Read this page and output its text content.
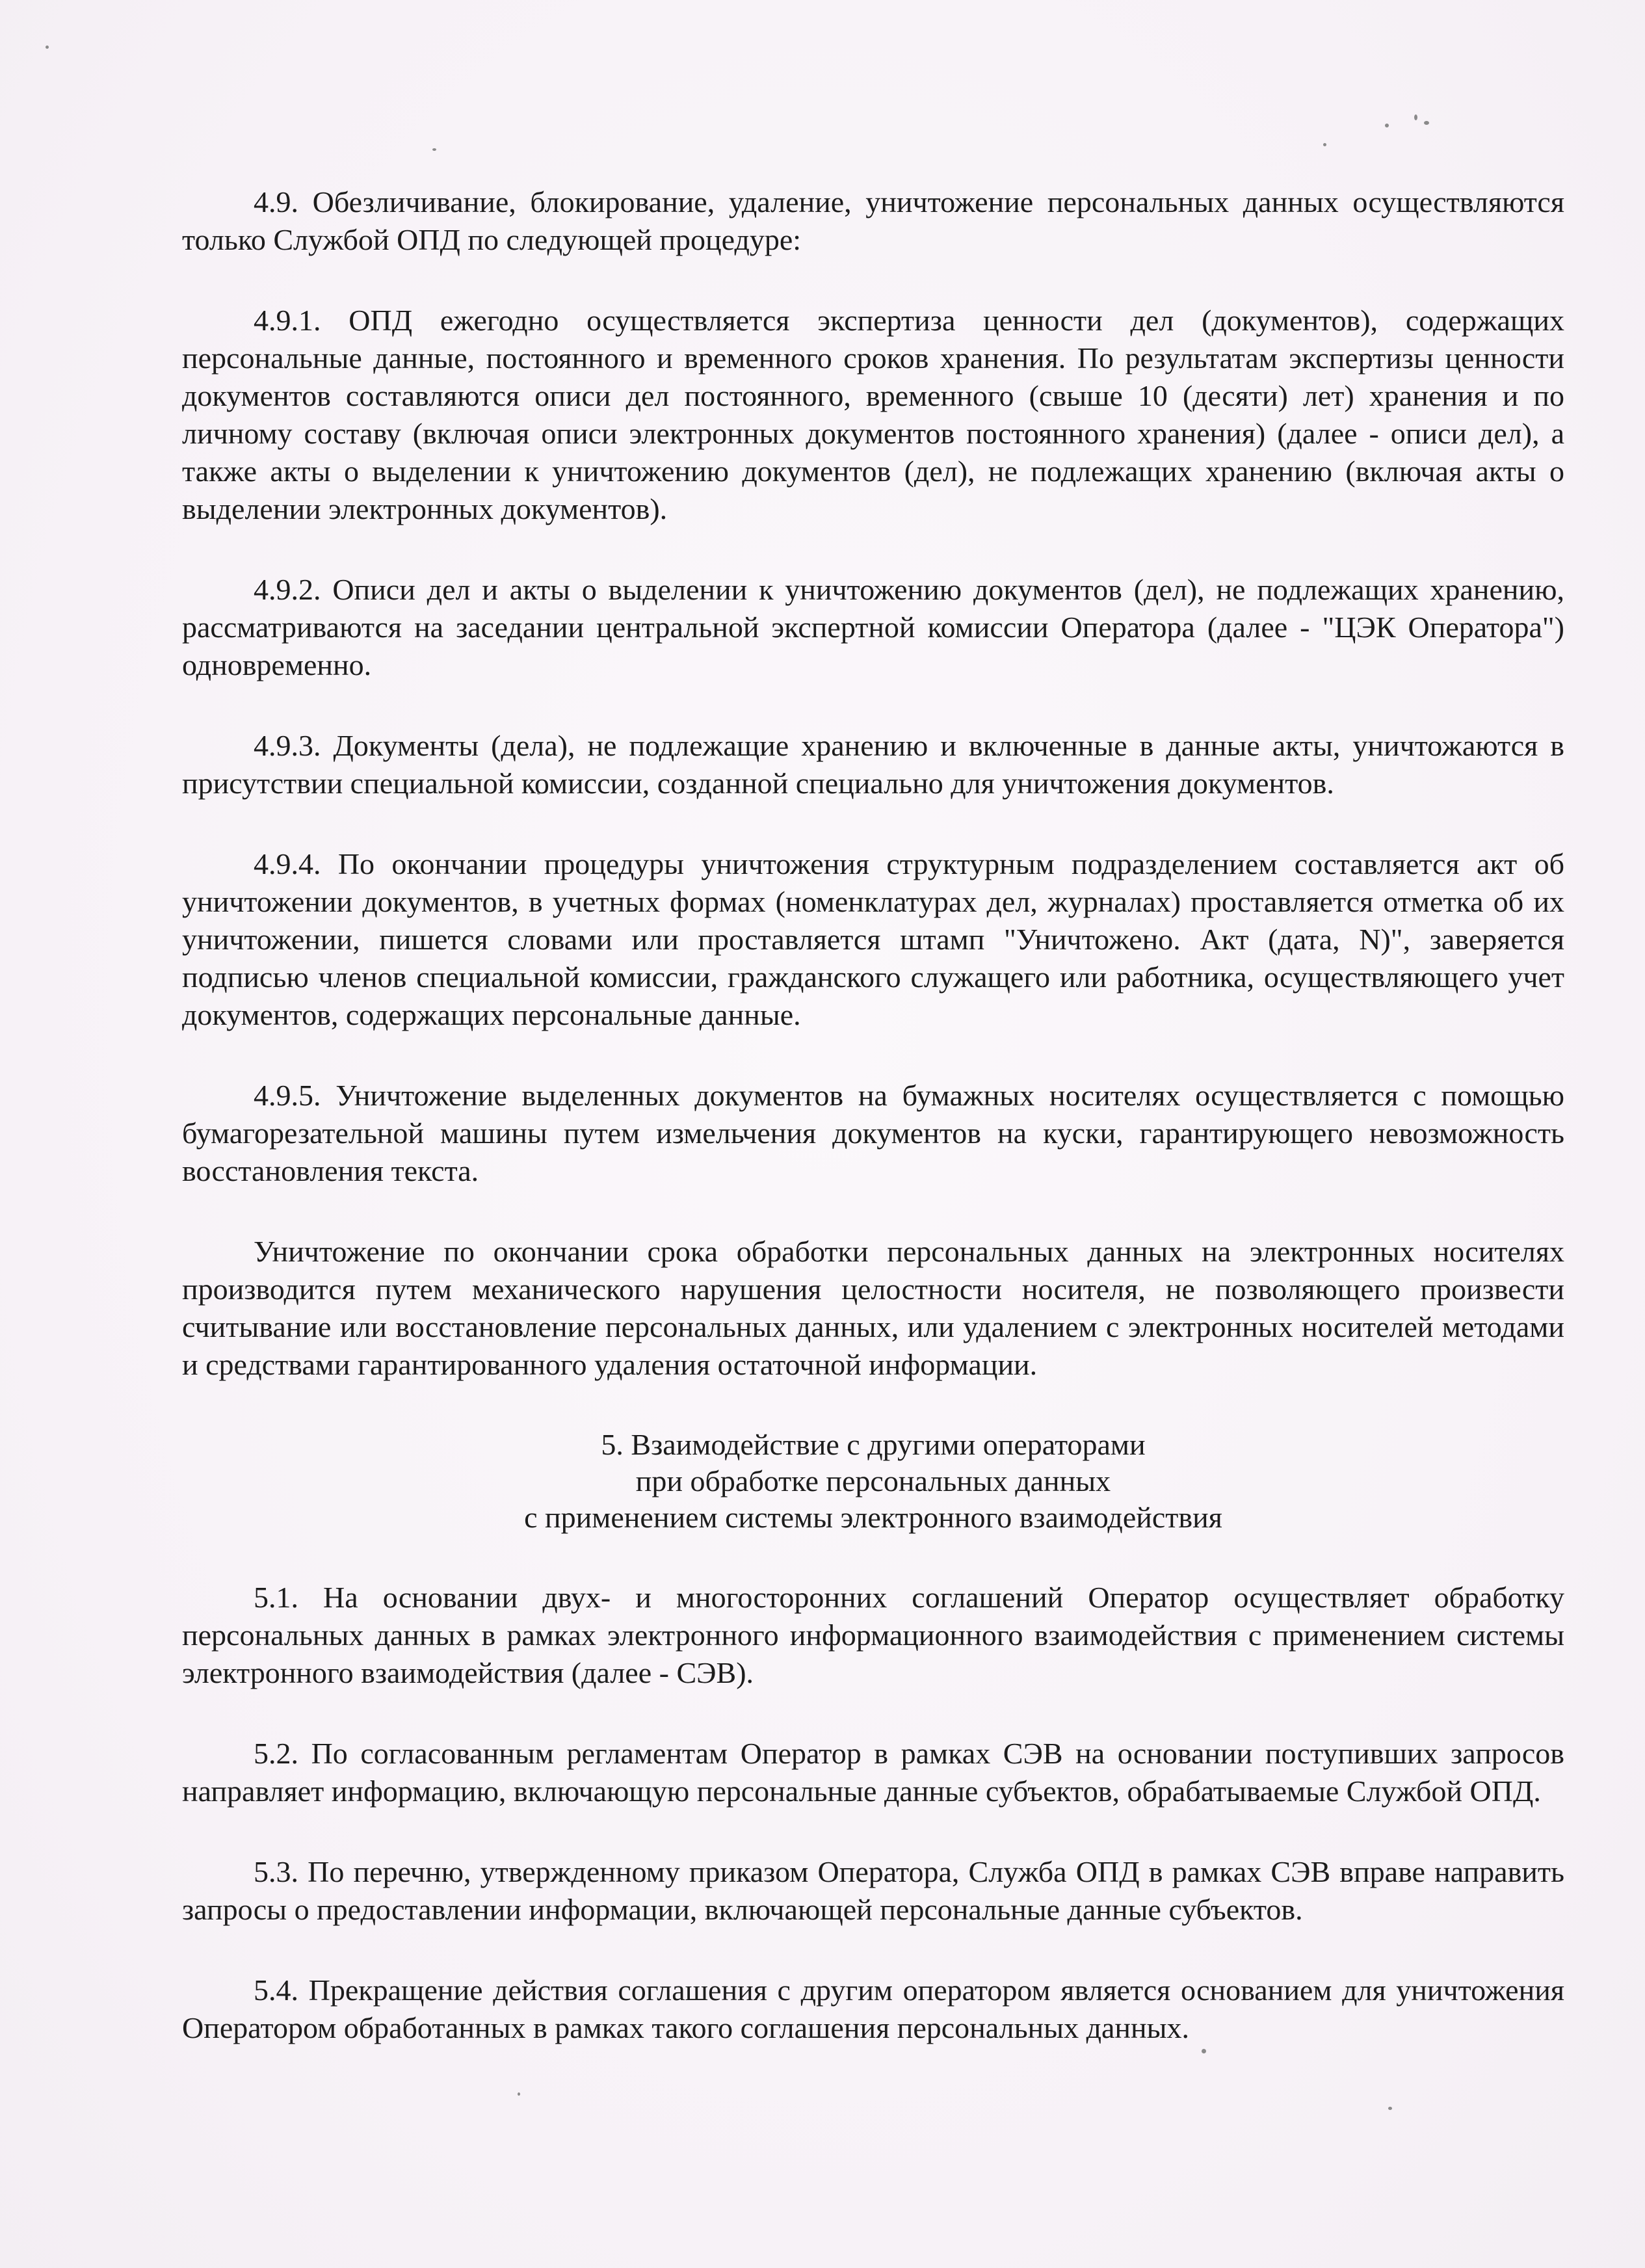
4.9. Обезличивание, блокирование, удаление, уничтожение персональных данных осуществляются только Службой ОПД по следующей процедуре:

4.9.1. ОПД ежегодно осуществляется экспертиза ценности дел (документов), содержащих персональные данные, постоянного и временного сроков хранения. По результатам экспертизы ценности документов составляются описи дел постоянного, временного (свыше 10 (десяти) лет) хранения и по личному составу (включая описи электронных документов постоянного хранения) (далее - описи дел), а также акты о выделении к уничтожению документов (дел), не подлежащих хранению (включая акты о выделении электронных документов).

4.9.2. Описи дел и акты о выделении к уничтожению документов (дел), не подлежащих хранению, рассматриваются на заседании центральной экспертной комиссии Оператора (далее - "ЦЭК Оператора") одновременно.

4.9.3. Документы (дела), не подлежащие хранению и включенные в данные акты, уничтожаются в присутствии специальной комиссии, созданной специально для уничтожения документов.

4.9.4. По окончании процедуры уничтожения структурным подразделением составляется акт об уничтожении документов, в учетных формах (номенклатурах дел, журналах) проставляется отметка об их уничтожении, пишется словами или проставляется штамп "Уничтожено. Акт (дата, N)", заверяется подписью членов специальной комиссии, гражданского служащего или работника, осуществляющего учет документов, содержащих персональные данные.

4.9.5. Уничтожение выделенных документов на бумажных носителях осуществляется с помощью бумагорезательной машины путем измельчения документов на куски, гарантирующего невозможность восстановления текста.

Уничтожение по окончании срока обработки персональных данных на электронных носителях производится путем механического нарушения целостности носителя, не позволяющего произвести считывание или восстановление персональных данных, или удалением с электронных носителей методами и средствами гарантированного удаления остаточной информации.

5. Взаимодействие с другими операторами
при обработке персональных данных
с применением системы электронного взаимодействия

5.1. На основании двух- и многосторонних соглашений Оператор осуществляет обработку персональных данных в рамках электронного информационного взаимодействия с применением системы электронного взаимодействия (далее - СЭВ).

5.2. По согласованным регламентам Оператор в рамках СЭВ на основании поступивших запросов направляет информацию, включающую персональные данные субъектов, обрабатываемые Службой ОПД.

5.3. По перечню, утвержденному приказом Оператора, Служба ОПД в рамках СЭВ вправе направить запросы о предоставлении информации, включающей персональные данные субъектов.

5.4. Прекращение действия соглашения с другим оператором является основанием для уничтожения Оператором обработанных в рамках такого соглашения персональных данных.
